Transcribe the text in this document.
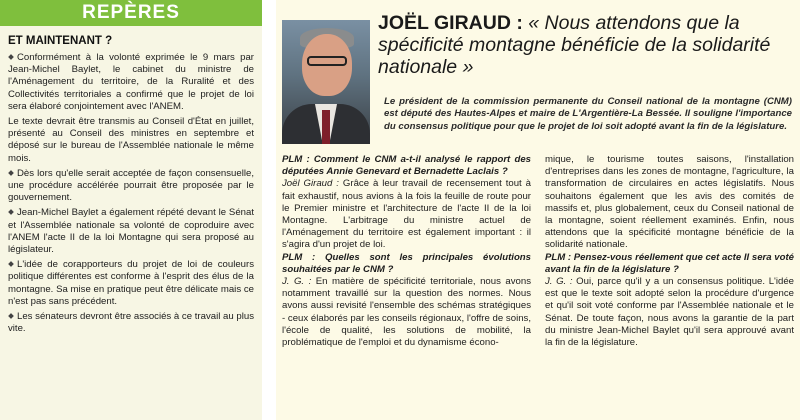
REPÈRES
ET MAINTENANT ?

Conformément à la volonté exprimée le 9 mars par Jean-Michel Baylet, le cabinet du ministre de l'Aménagement du territoire, de la Ruralité et des Collectivités territoriales a confirmé que le projet de loi sera élaboré conjointement avec l'ANEM.

Le texte devrait être transmis au Conseil d'État en juillet, présenté au Conseil des ministres en septembre et déposé sur le bureau de l'Assemblée nationale le même mois.

Dès lors qu'elle serait acceptée de façon consensuelle, une procédure accélérée pourrait être proposée par le gouvernement.

Jean-Michel Baylet a également répété devant le Sénat et l'Assemblée nationale sa volonté de coproduire avec l'ANEM l'acte II de la loi Montagne qui sera proposé au législateur.

L'idée de corapporteurs du projet de loi de couleurs politique différentes est conforme à l'esprit des élus de la montagne. Sa mise en pratique peut être délicate mais ce n'est pas sans précédent.

Les sénateurs devront être associés à ce travail au plus vite.

JOËL GIRAUD : « Nous attendons que la spécificité montagne bénéficie de la solidarité nationale »
Le président de la commission permanente du Conseil national de la montagne (CNM) est député des Hautes-Alpes et maire de L'Argentière-La Bessée. Il souligne l'importance du consensus politique pour que le projet de loi soit adopté avant la fin de la législature.

PLM : Comment le CNM a-t-il analysé le rapport des députées Annie Genevard et Bernadette Laclais ?

Joël Giraud : Grâce à leur travail de recensement tout à fait exhaustif, nous avions à la fois la feuille de route pour le Premier ministre et l'architecture de l'acte II de la loi Montagne. L'arbitrage du ministre actuel de l'Aménagement du territoire est également important : il s'agira d'un projet de loi.

PLM : Quelles sont les principales évolutions souhaitées par le CNM ?

J. G. : En matière de spécificité territoriale, nous avons notamment travaillé sur la question des normes. Nous avons aussi revisité l'ensemble des schémas stratégiques - ceux élaborés par les conseils régionaux, l'offre de soins, l'école de qualité, les solutions de mobilité, la problématique de l'emploi et du dynamisme écono-

mique, le tourisme toutes saisons, l'installation d'entreprises dans les zones de montagne, l'agriculture, la transformation de circulaires en actes législatifs. Nous souhaitons également que les avis des comités de massifs et, plus globalement, ceux du Conseil national de la montagne, soient réellement examinés. Enfin, nous attendons que la spécificité montagne bénéficie de la solidarité nationale.

PLM : Pensez-vous réellement que cet acte II sera voté avant la fin de la législature ?

J. G. : Oui, parce qu'il y a un consensus politique. L'idée est que le texte soit adopté selon la procédure d'urgence et qu'il soit voté conforme par l'Assemblée nationale et le Sénat. De toute façon, nous avons la garantie de la part du ministre Jean-Michel Baylet qu'il sera approuvé avant la fin de la législature.
